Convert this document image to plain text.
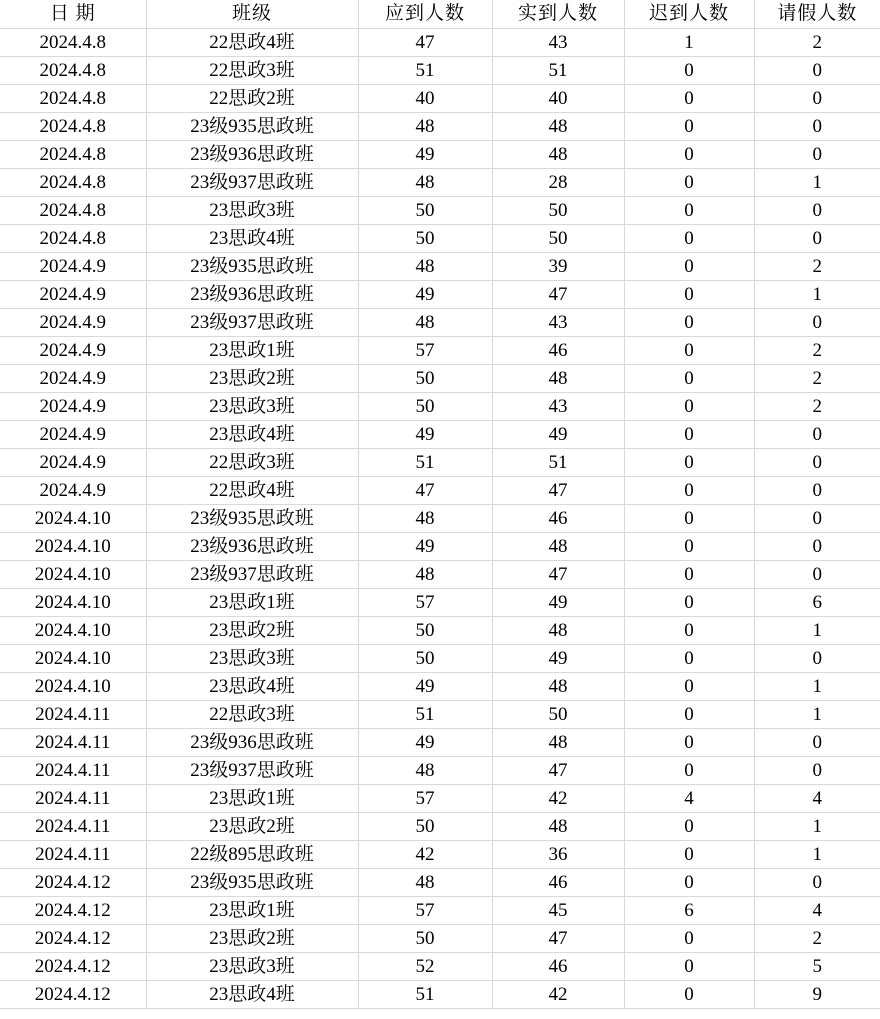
日 期	班级	应到人数	实到人数	迟到人数	请假人数
2024.4.8	22思政4班	47	43	1	2
2024.4.8	22思政3班	51	51	0	0
2024.4.8	22思政2班	40	40	0	0
2024.4.8	23级935思政班	48	48	0	0
2024.4.8	23级936思政班	49	48	0	0
2024.4.8	23级937思政班	48	28	0	1
2024.4.8	23思政3班	50	50	0	0
2024.4.8	23思政4班	50	50	0	0
2024.4.9	23级935思政班	48	39	0	2
2024.4.9	23级936思政班	49	47	0	1
2024.4.9	23级937思政班	48	43	0	0
2024.4.9	23思政1班	57	46	0	2
2024.4.9	23思政2班	50	48	0	2
2024.4.9	23思政3班	50	43	0	2
2024.4.9	23思政4班	49	49	0	0
2024.4.9	22思政3班	51	51	0	0
2024.4.9	22思政4班	47	47	0	0
2024.4.10	23级935思政班	48	46	0	0
2024.4.10	23级936思政班	49	48	0	0
2024.4.10	23级937思政班	48	47	0	0
2024.4.10	23思政1班	57	49	0	6
2024.4.10	23思政2班	50	48	0	1
2024.4.10	23思政3班	50	49	0	0
2024.4.10	23思政4班	49	48	0	1
2024.4.11	22思政3班	51	50	0	1
2024.4.11	23级936思政班	49	48	0	0
2024.4.11	23级937思政班	48	47	0	0
2024.4.11	23思政1班	57	42	4	4
2024.4.11	23思政2班	50	48	0	1
2024.4.11	22级895思政班	42	36	0	1
2024.4.12	23级935思政班	48	46	0	0
2024.4.12	23思政1班	57	45	6	4
2024.4.12	23思政2班	50	47	0	2
2024.4.12	23思政3班	52	46	0	5
2024.4.12	23思政4班	51	42	0	9
